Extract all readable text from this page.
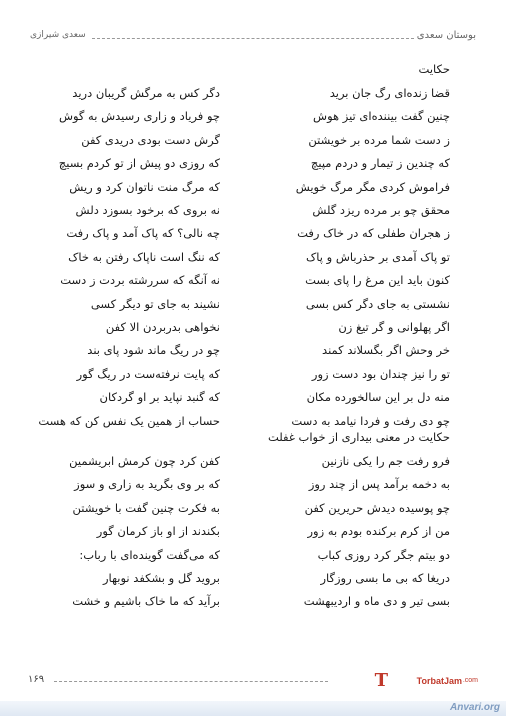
سعدی شیرازی	بوستان سعدی
حکایت
قضا زنده‌ای رگ جان برید
دگر کس به مرگش گریبان درید
چنین گفت بیننده‌ای تیز هوش
چو فریاد و زاری رسیدش به گوش
ز دست شما مرده بر خویشتن
گرش دست بودی دریدی کفن
که چندین ز تیمار و دردم مپیچ
که روزی دو پیش از تو کردم بسیچ
فراموش کردی مگر مرگ خویش
که مرگ منت ناتوان کرد و ریش
محقق چو بر مرده ریزد گلش
نه بروی که برخود بسوزد دلش
ز هجران طفلی که در خاک رفت
چه نالی؟ که پاک آمد و پاک رفت
تو پاک آمدی بر حذرباش و پاک
که ننگ است ناپاک رفتن به خاک
کنون باید این مرغ را پای بست
نه آنگه که سررشته بردت ز دست
نشستی به جای دگر کس بسی
نشیند به جای تو دیگر کسی
اگر پهلوانی و گر تیغ زن
نخواهی بدربردن الا کفن
خر وحش اگر بگسلاند کمند
چو در ریگ ماند شود پای بند
تو را نیز چندان بود دست زور
که پایت نرفته‌ست در ریگ گور
منه دل بر این سالخورده مکان
که گنبد نپاید بر او گردکان
چو دی رفت و فردا نیامد به دست
حساب از همین یک نفس کن که هست
حکایت در معنی بیداری از خواب غفلت
فرو رفت جم را یکی نازنین
کفن کرد چون کرمش ابریشمین
به دخمه برآمد پس از چند روز
که بر وی بگرید به زاری و سوز
چو پوسیده دیدش حریرین کفن
به فکرت چنین گفت با خویشتن
من از کرم برکنده بودم به زور
بکندند از او باز کرمان گور
دو بیتم جگر کرد روزی کباب
که می‌گفت گوینده‌ای با رباب:
دریغا که بی ما بسی روزگار
بروید گل و بشکفد نوبهار
بسی تیر و دی ماه و اردیبهشت
برآید که ما خاک باشیم و خشت
۱۶۹	T	TorbatJam .com
Anvari.org
